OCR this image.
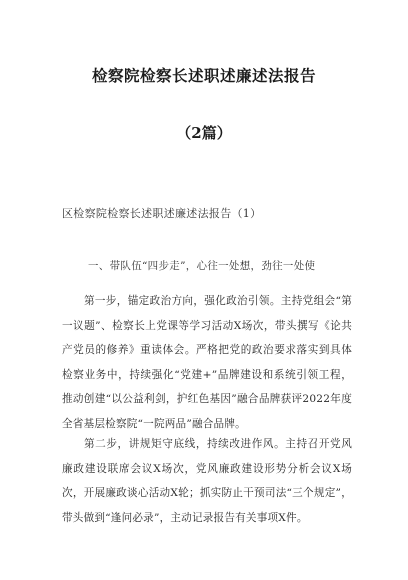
检察院检察长述职述廉述法报告
（2篇）
区检察院检察长述职述廉述法报告（1）
一、带队伍“四步走”，心往一处想，劲往一处使
第一步，锚定政治方向，强化政治引领。主持党组会“第一议题”、检察长上党课等学习活动X场次，带头撰写《论共产党员的修养》重读体会。严格把党的政治要求落实到具体检察业务中，持续强化“党建+”品牌建设和系统引领工程，推动创建“以公益利剑，护红色基因”融合品牌获评2022年度全省基层检察院“一院两品”融合品牌。
第二步，讲规矩守底线，持续改进作风。主持召开党风廉政建设联席会议X场次，党风廉政建设形势分析会议X场次，开展廉政谈心活动X轮；抓实防止干预司法“三个规定”，带头做到“逢问必录”，主动记录报告有关事项X件。
